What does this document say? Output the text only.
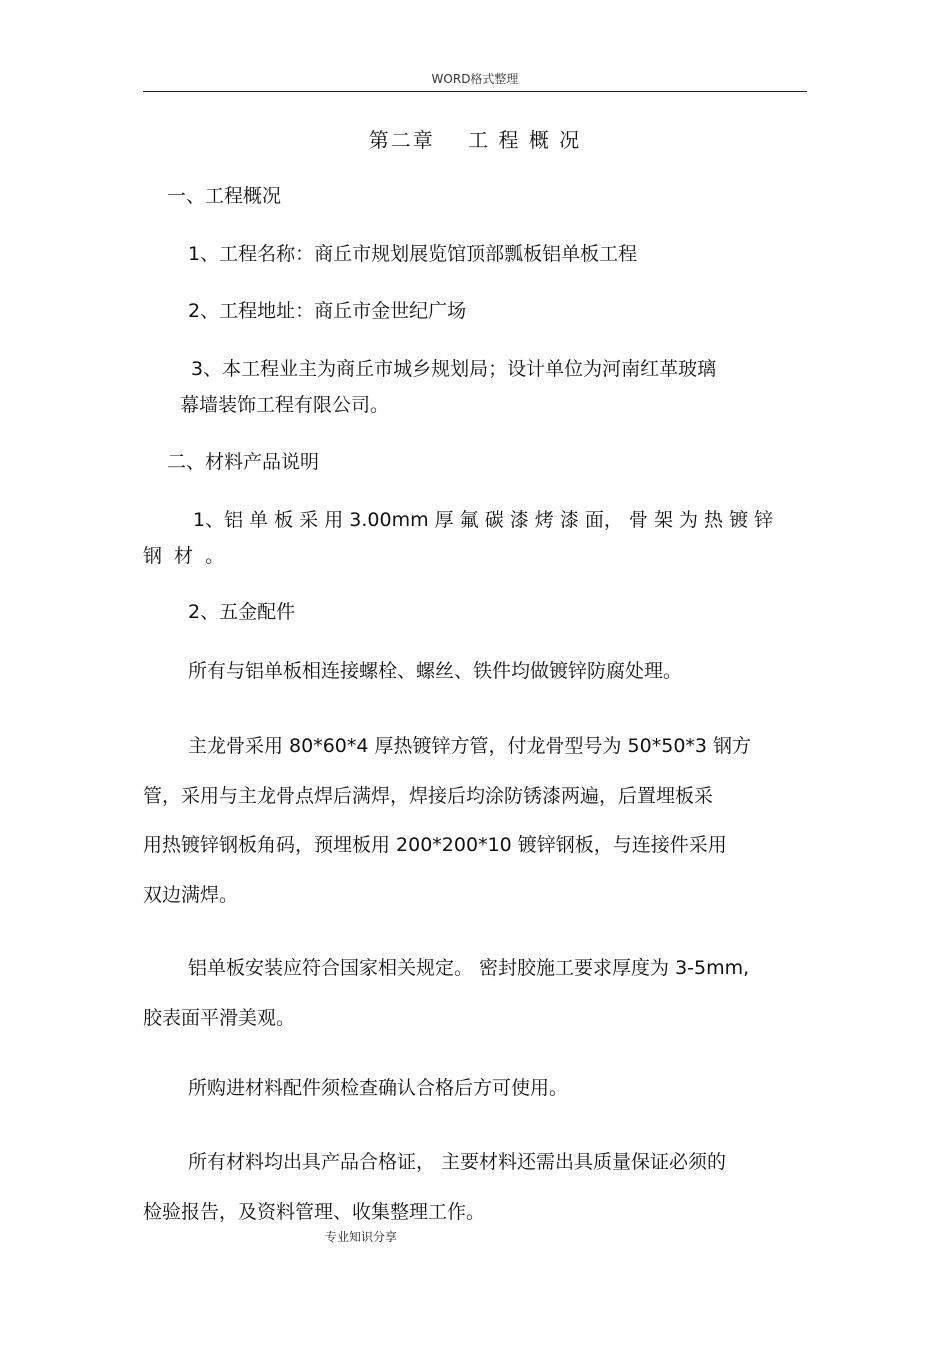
WORD格式整理
第二章    工 程 概 况
一、工程概况
1、工程名称：商丘市规划展览馆顶部瓢板铝单板工程
2、工程地址：商丘市金世纪广场
3、本工程业主为商丘市城乡规划局；设计单位为河南红革玻璃
幕墙装饰工程有限公司。
二、材料产品说明
1、铝 单 板 采 用 3.00mm 厚 氟 碳 漆 烤 漆 面， 骨 架 为 热 镀 锌
钢 材 。
2、五金配件
所有与铝单板相连接螺栓、螺丝、铁件均做镀锌防腐处理。
主龙骨采用 80*60*4 厚热镀锌方管，付龙骨型号为 50*50*3 钢方
管，采用与主龙骨点焊后满焊，焊接后均涂防锈漆两遍，后置埋板采
用热镀锌钢板角码，预埋板用 200*200*10 镀锌钢板，与连接件采用
双边满焊。
铝单板安装应符合国家相关规定。 密封胶施工要求厚度为 3-5mm,
胶表面平滑美观。
所购进材料配件须检查确认合格后方可使用。
所有材料均出具产品合格证， 主要材料还需出具质量保证必须的
检验报告，及资料管理、收集整理工作。
专业知识分享
